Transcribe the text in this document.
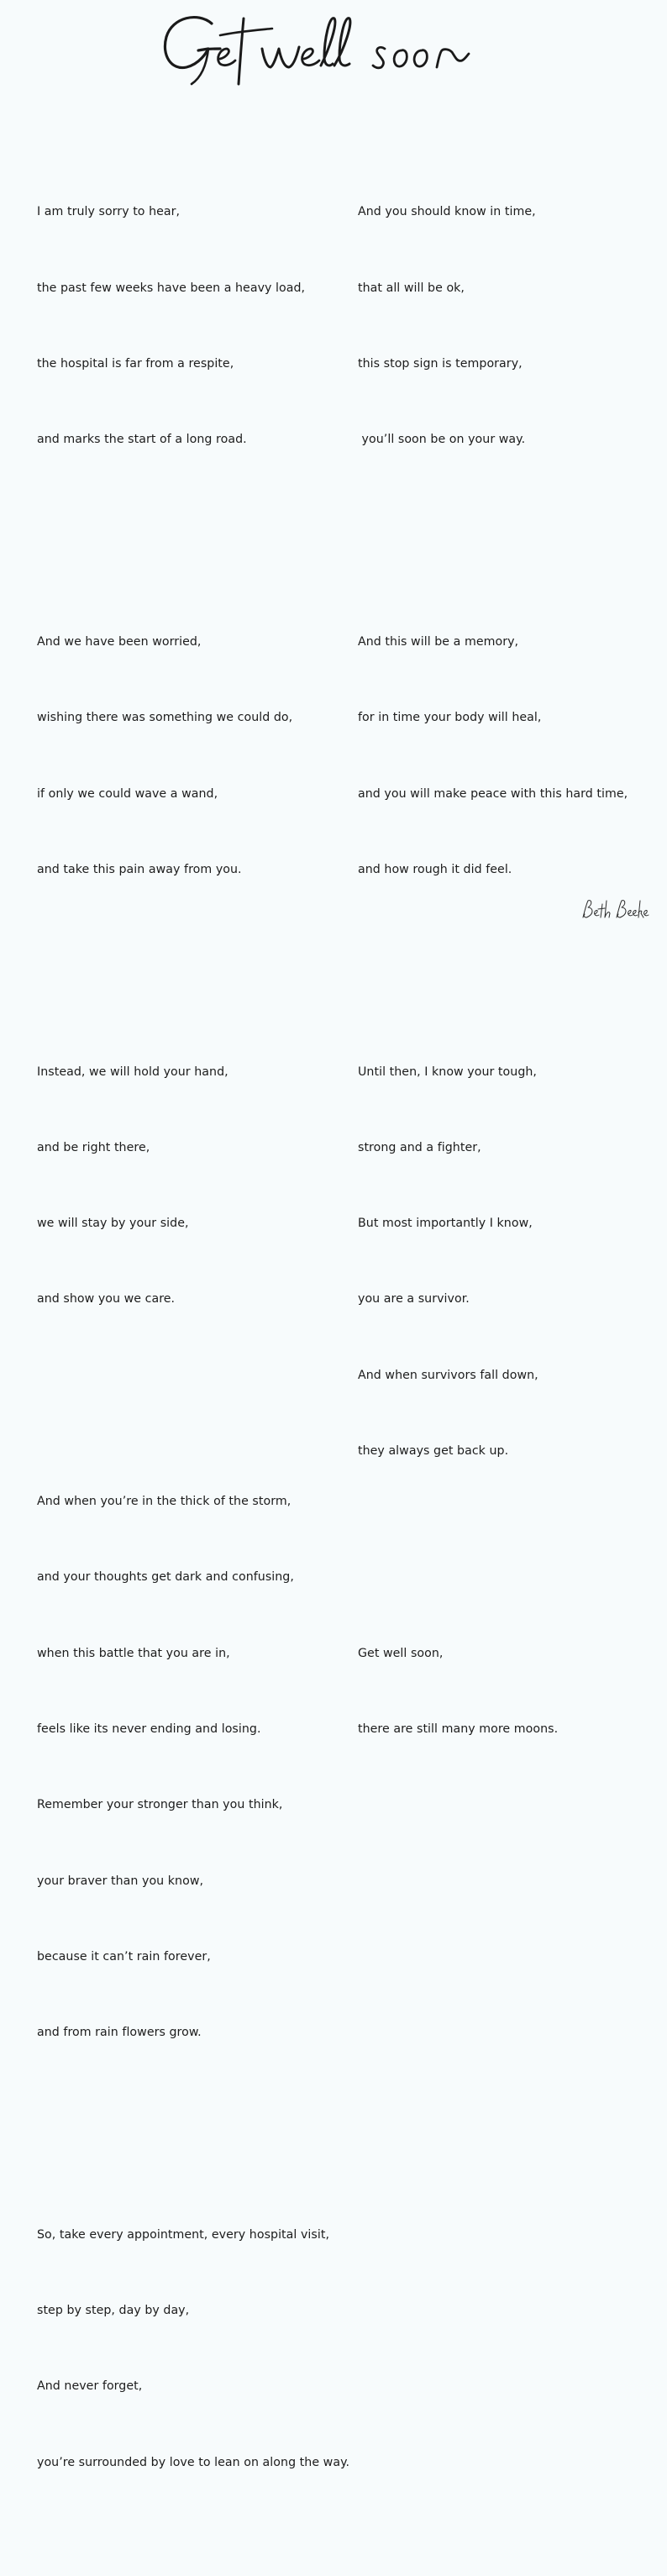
I am truly sorry to hear,

the past few weeks have been a heavy load,

the hospital is far from a respite,

and marks the start of a long road.

And we have been worried,

wishing there was something we could do,

if only we could wave a wand,

and take this pain away from you.

Instead, we will hold your hand,

and be right there,

we will stay by your side,

and show you we care.

And when you’re in the thick of the storm,

and your thoughts get dark and confusing,

when this battle that you are in,

feels like its never ending and losing.

Remember your stronger than you think,

your braver than you know,

because it can’t rain forever,

and from rain flowers grow.

So, take every appointment, every hospital visit,

step by step, day by day,

And never forget,

you’re surrounded by love to lean on along the way.

And you should know in time,

that all will be ok,

this stop sign is temporary,

you’ll soon be on your way.

And this will be a memory,

for in time your body will heal,

and you will make peace with this hard time,

and how rough it did feel.

Until then, I know your tough,

strong and a fighter,

But most importantly I know,

you are a survivor.

And when survivors fall down,

they always get back up.

Get well soon,

there are still many more moons.
